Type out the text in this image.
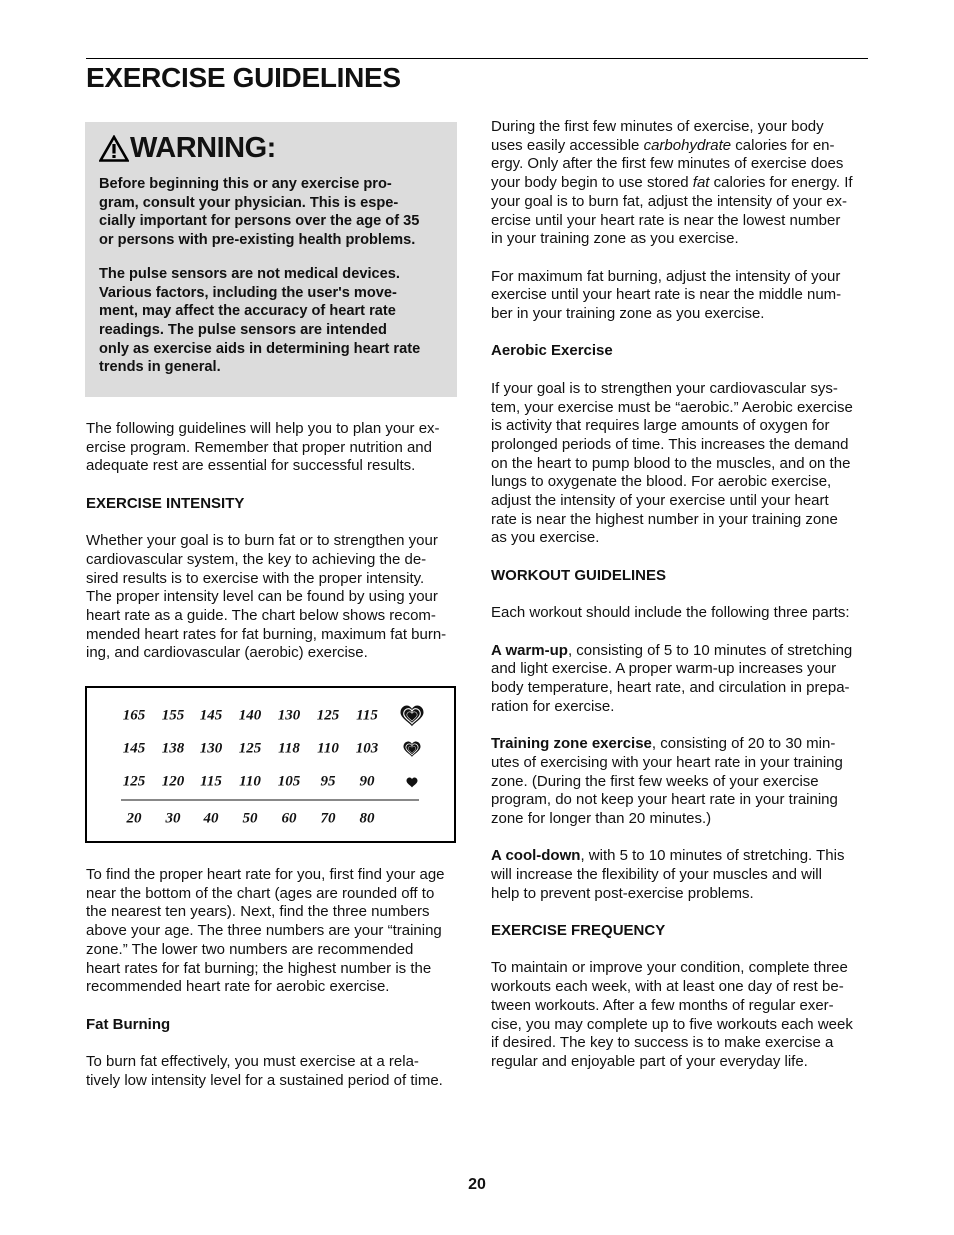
EXERCISE GUIDELINES
WARNING:

Before beginning this or any exercise pro-
gram, consult your physician. This is espe-
cially important for persons over the age of 35
or persons with pre-existing health problems.

The pulse sensors are not medical devices.
Various factors, including the user's move-
ment, may affect the accuracy of heart rate
readings. The pulse sensors are intended
only as exercise aids in determining heart rate
trends in general.

The following guidelines will help you to plan your ex-
ercise program. Remember that proper nutrition and
adequate rest are essential for successful results.

EXERCISE INTENSITY

Whether your goal is to burn fat or to strengthen your
cardiovascular system, the key to achieving the de-
sired results is to exercise with the proper intensity.
The proper intensity level can be found by using your
heart rate as a guide. The chart below shows recom-
mended heart rates for fat burning, maximum fat burn-
ing, and cardiovascular (aerobic) exercise.

165 155 145 140 130 125 115
145 138 130 125 118 110 103
125 120 115 110 105 95 90
20 30 40 50 60 70 80

To find the proper heart rate for you, first find your age
near the bottom of the chart (ages are rounded off to
the nearest ten years). Next, find the three numbers
above your age. The three numbers are your “training
zone.” The lower two numbers are recommended
heart rates for fat burning; the highest number is the
recommended heart rate for aerobic exercise.

Fat Burning

To burn fat effectively, you must exercise at a rela-
tively low intensity level for a sustained period of time.

During the first few minutes of exercise, your body
uses easily accessible carbohydrate calories for en-
ergy. Only after the first few minutes of exercise does
your body begin to use stored fat calories for energy. If
your goal is to burn fat, adjust the intensity of your ex-
ercise until your heart rate is near the lowest number
in your training zone as you exercise.

For maximum fat burning, adjust the intensity of your
exercise until your heart rate is near the middle num-
ber in your training zone as you exercise.

Aerobic Exercise

If your goal is to strengthen your cardiovascular sys-
tem, your exercise must be “aerobic.” Aerobic exercise
is activity that requires large amounts of oxygen for
prolonged periods of time. This increases the demand
on the heart to pump blood to the muscles, and on the
lungs to oxygenate the blood. For aerobic exercise,
adjust the intensity of your exercise until your heart
rate is near the highest number in your training zone
as you exercise.

WORKOUT GUIDELINES

Each workout should include the following three parts:

A warm-up, consisting of 5 to 10 minutes of stretching
and light exercise. A proper warm-up increases your
body temperature, heart rate, and circulation in prepa-
ration for exercise.

Training zone exercise, consisting of 20 to 30 min-
utes of exercising with your heart rate in your training
zone. (During the first few weeks of your exercise
program, do not keep your heart rate in your training
zone for longer than 20 minutes.)

A cool-down, with 5 to 10 minutes of stretching. This
will increase the flexibility of your muscles and will
help to prevent post-exercise problems.

EXERCISE FREQUENCY

To maintain or improve your condition, complete three
workouts each week, with at least one day of rest be-
tween workouts. After a few months of regular exer-
cise, you may complete up to five workouts each week
if desired. The key to success is to make exercise a
regular and enjoyable part of your everyday life.

20
